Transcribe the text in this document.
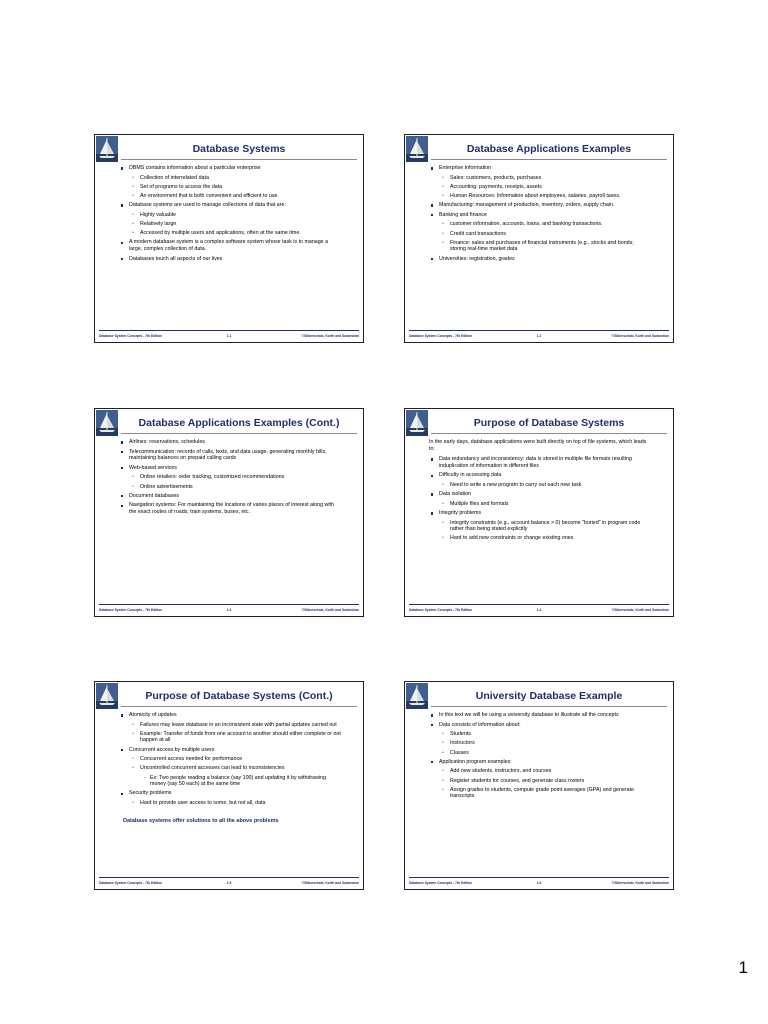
Database Systems
DBMS contains information about a particular enterprise
• Collection of interrelated data
• Set of programs to access the data
• An environment that is both convenient and efficient to use
Database systems are used to manage collections of data that are:
• Highly valuable
• Relatively large
• Accessed by multiple users and applications, often at the same time.
A modern database system is a complex software system whose task is to manage a large, complex collection of data.
Databases touch all aspects of our lives
Database System Concepts - 7th Edition	1.1	©Silberschatz, Korth and Sudarshan
Database Applications Examples
Enterprise Information
• Sales: customers, products, purchases
• Accounting: payments, receipts, assets
• Human Resources: Information about employees, salaries, payroll taxes.
Manufacturing: management of production, inventory, orders, supply chain.
Banking and finance
• customer information, accounts, loans, and banking transactions.
• Credit card transactions
• Finance: sales and purchases of financial instruments (e.g., stocks and bonds; storing real-time market data
Universities: registration, grades
Database System Concepts - 7th Edition	1.2	©Silberschatz, Korth and Sudarshan
Database Applications Examples (Cont.)
Airlines: reservations, schedules
Telecommunication: records of calls, texts, and data usage, generating monthly bills, maintaining balances on prepaid calling cards
Web-based services
• Online retailers: order tracking, customized recommendations
• Online advertisements
Document databases
Navigation systems: For maintaining the locations of varies places of interest along with the exact routes of roads, train systems, buses, etc.
Database System Concepts - 7th Edition	1.3	©Silberschatz, Korth and Sudarshan
Purpose of Database Systems
In the early days, database applications were built directly on top of file systems, which leads to:
Data redundancy and inconsistency: data is stored in multiple file formats resulting induplication of information in different files
Difficulty in accessing data
• Need to write a new program to carry out each new task
Data isolation
• Multiple files and formats
Integrity problems
• Integrity constraints (e.g., account balance > 0) become "buried" in program code rather than being stated explicitly
• Hard to add new constraints or change existing ones
Database System Concepts - 7th Edition	1.4	©Silberschatz, Korth and Sudarshan
Purpose of Database Systems (Cont.)
Atomicity of updates
• Failures may leave database in an inconsistent state with partial updates carried out
• Example: Transfer of funds from one account to another should either complete or not happen at all
Concurrent access by multiple users
• Concurrent access needed for performance
• Uncontrolled concurrent accesses can lead to inconsistencies
- Ex: Two people reading a balance (say 100) and updating it by withdrawing money (say 50 each) at the same time
Security problems
• Hard to provide user access to some, but not all, data
Database systems offer solutions to all the above problems
Database System Concepts - 7th Edition	1.5	©Silberschatz, Korth and Sudarshan
University Database Example
In this text we will be using a university database to illustrate all the concepts
Data consists of information about:
• Students
• Instructors
• Classes
Application program examples:
• Add new students, instructors, and courses
• Register students for courses, and generate class rosters
• Assign grades to students, compute grade point averages (GPA) and generate transcripts
Database System Concepts - 7th Edition	1.6	©Silberschatz, Korth and Sudarshan
1
